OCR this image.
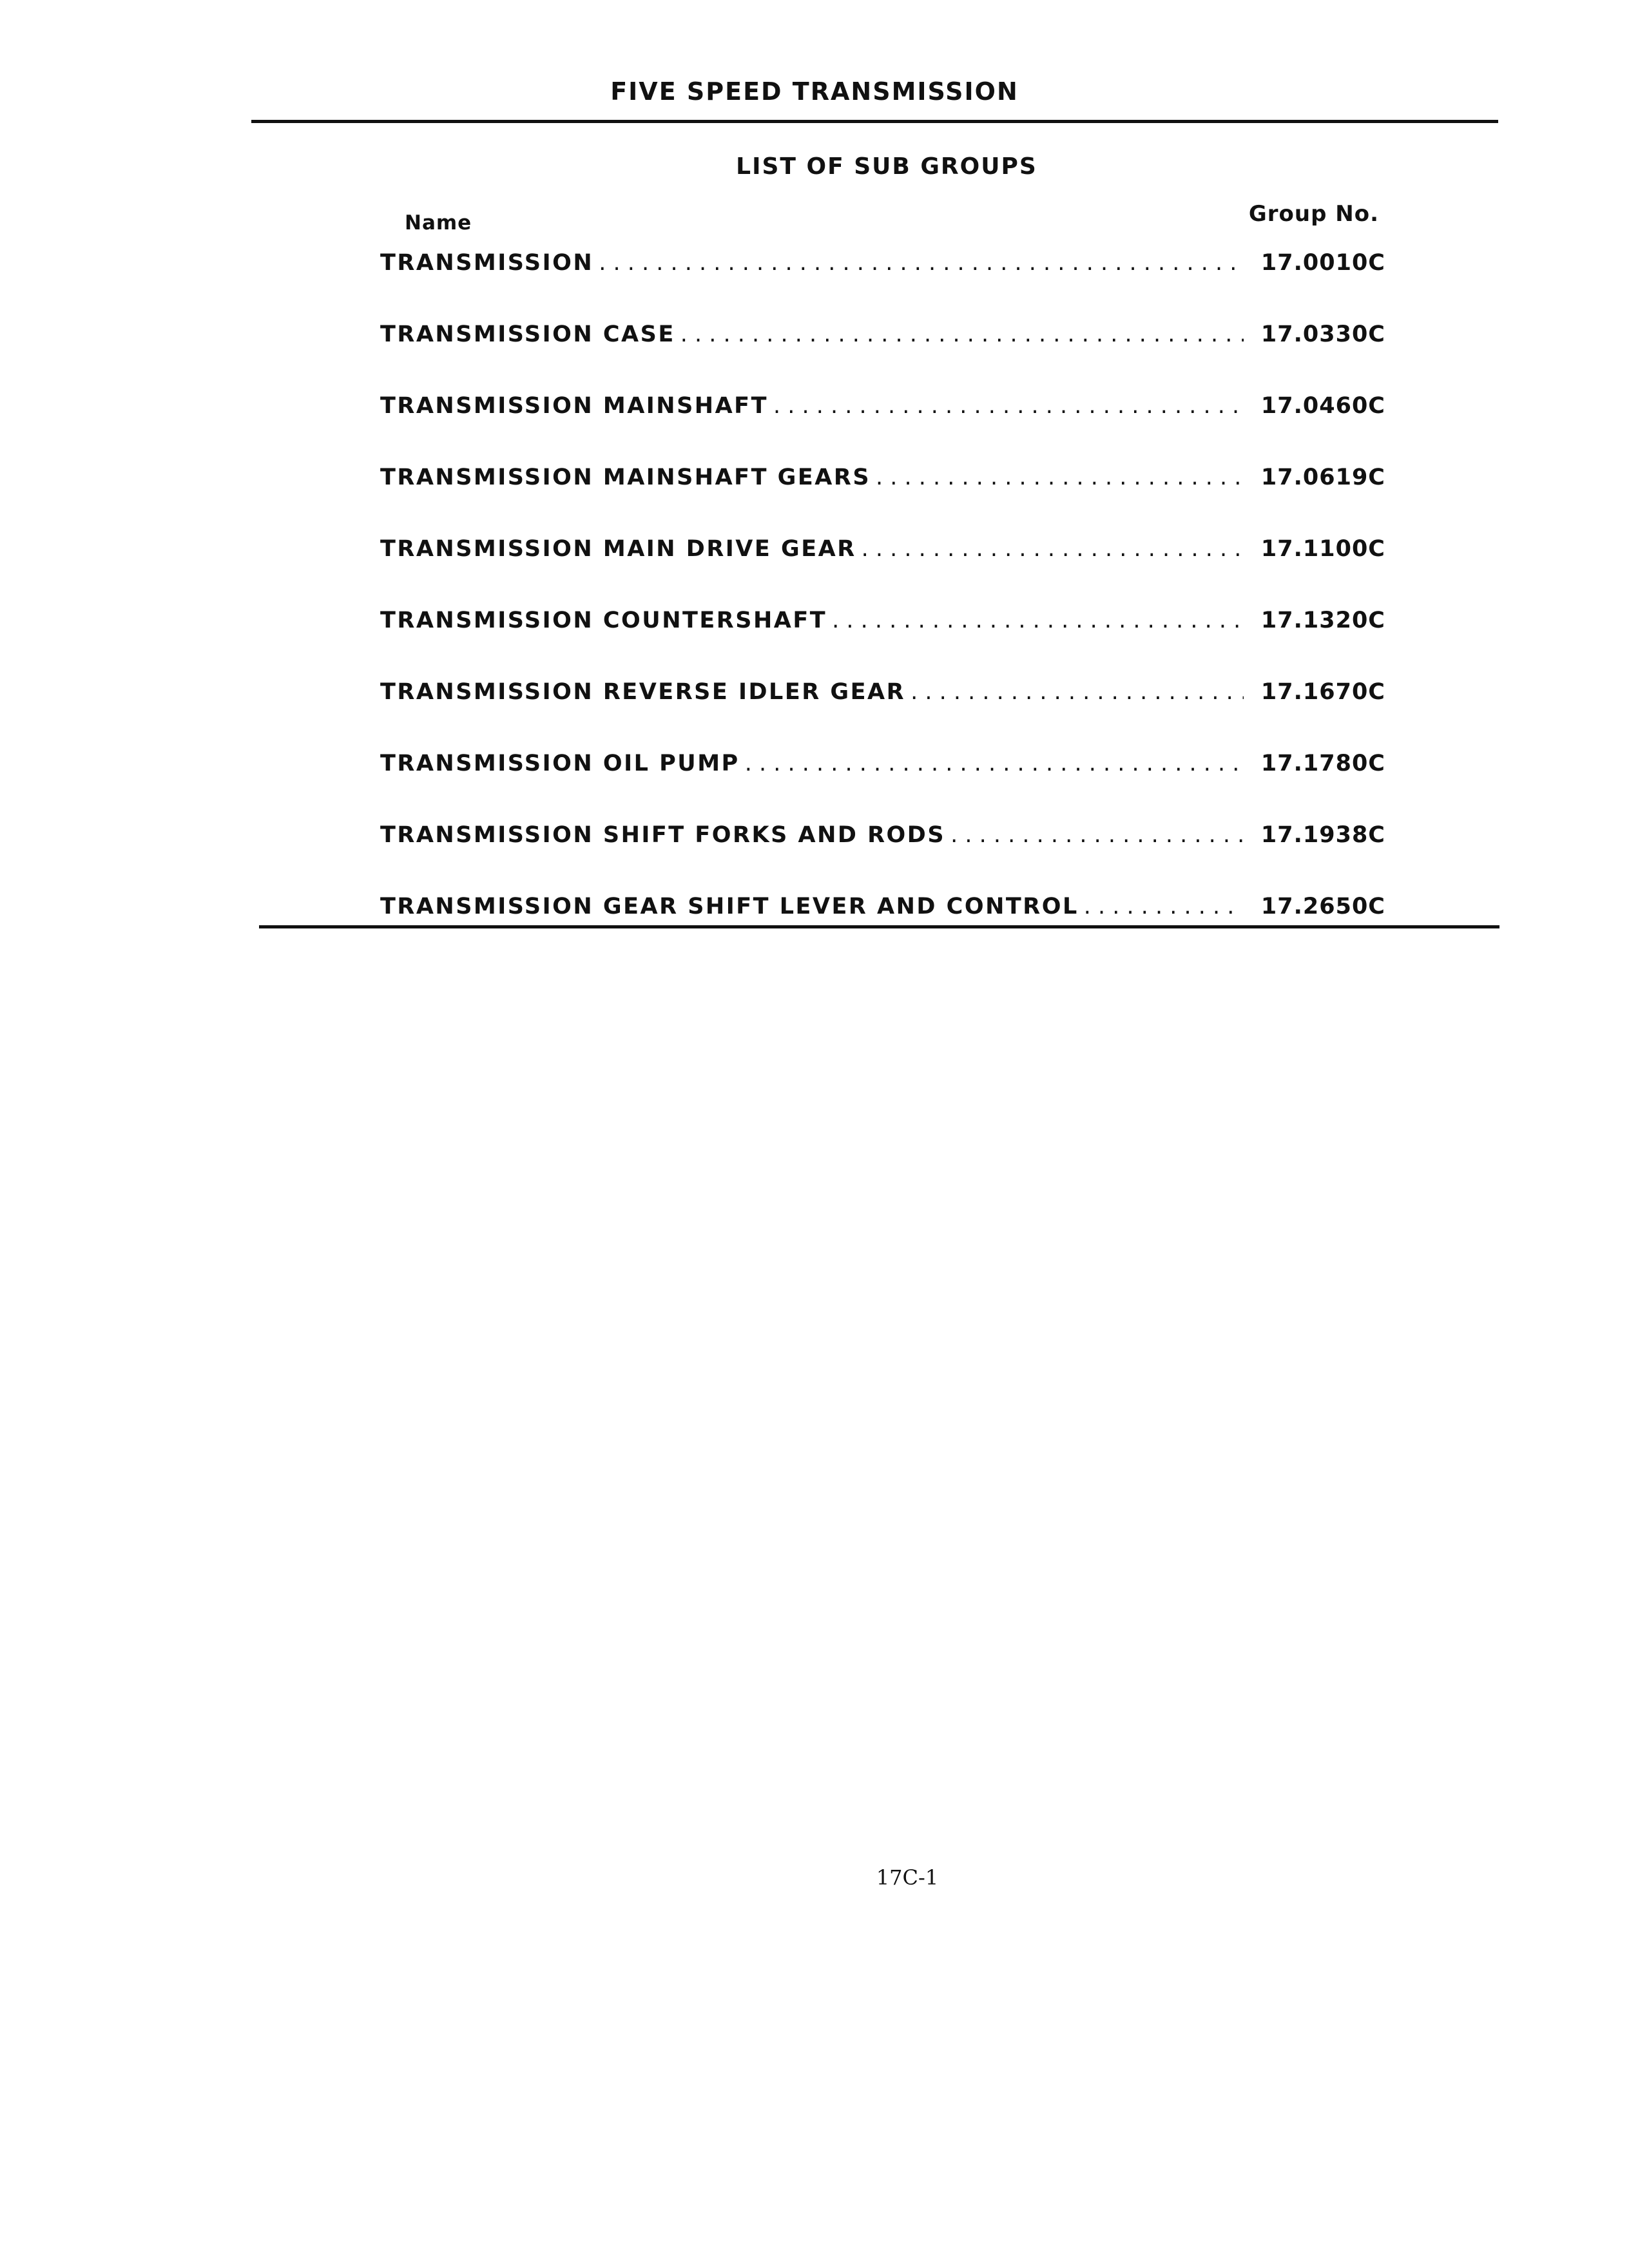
FIVE SPEED TRANSMISSION
LIST OF SUB GROUPS
Name	Group No.
TRANSMISSION . . .	17.0010C
TRANSMISSION CASE . . .	17.0330C
TRANSMISSION MAINSHAFT . . .	17.0460C
TRANSMISSION MAINSHAFT GEARS . . .	17.0619C
TRANSMISSION MAIN DRIVE GEAR . . .	17.1100C
TRANSMISSION COUNTERSHAFT . . .	17.1320C
TRANSMISSION REVERSE IDLER GEAR . . .	17.1670C
TRANSMISSION OIL PUMP . . .	17.1780C
TRANSMISSION SHIFT FORKS AND RODS . . .	17.1938C
TRANSMISSION GEAR SHIFT LEVER AND CONTROL . . .	17.2650C
17C-1
